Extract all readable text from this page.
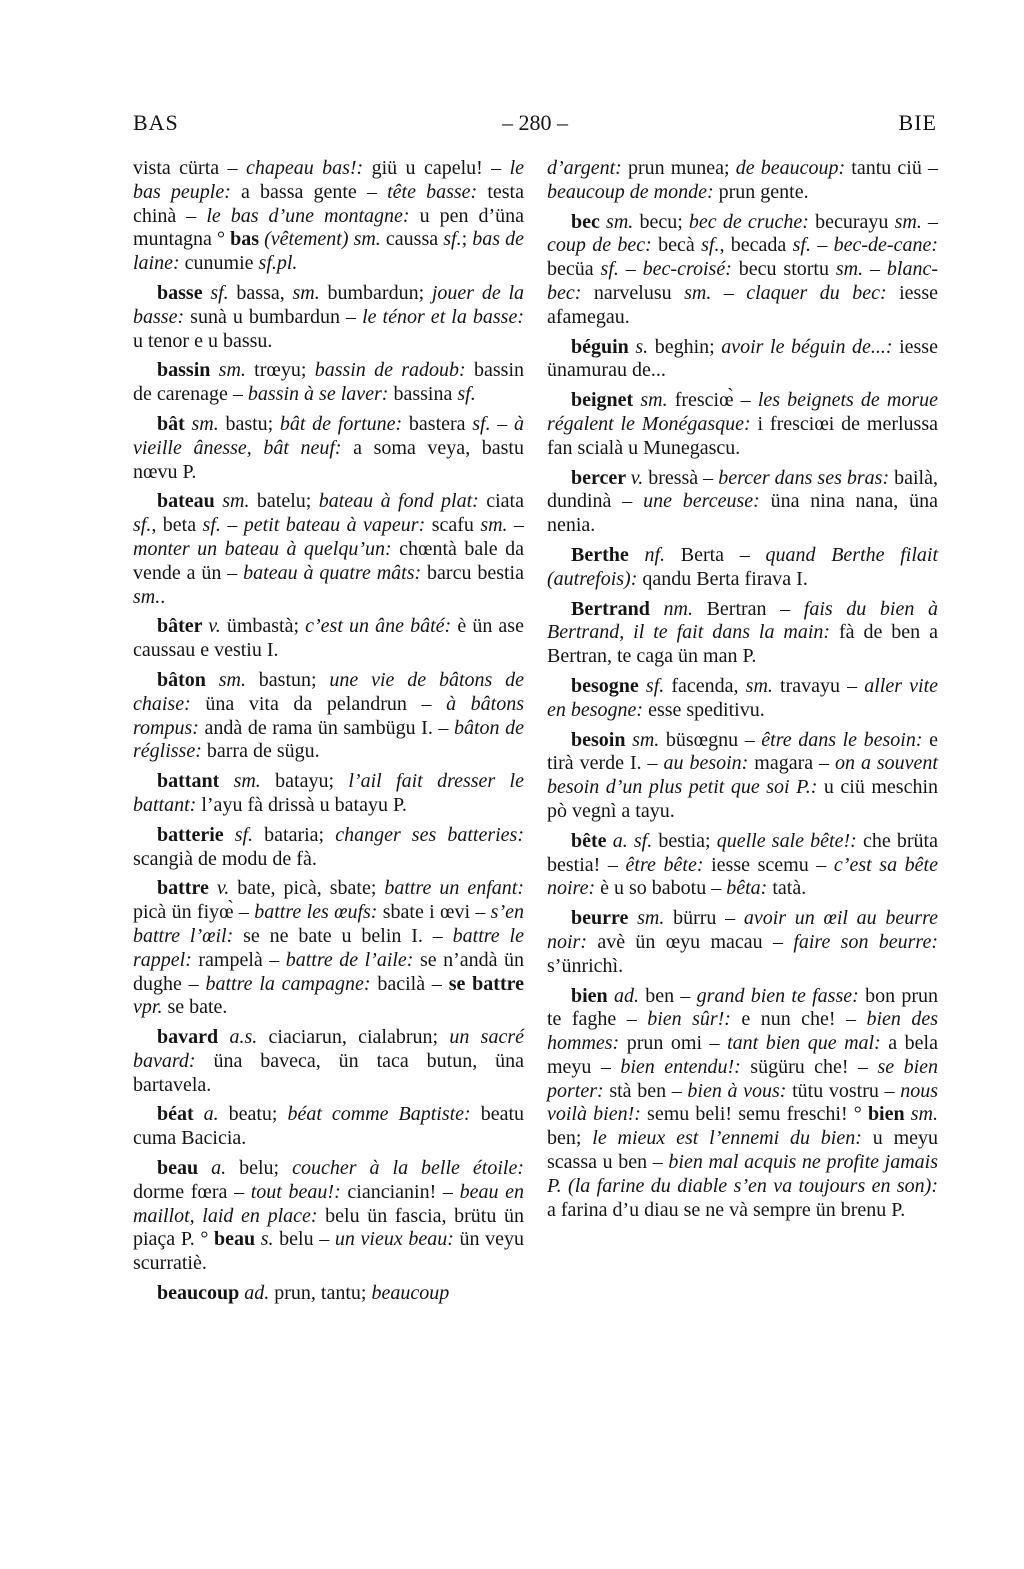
BAS	– 280 –	BIE

vista cürta – chapeau bas!: giü u capelu! – le bas peuple: a bassa gente – tête basse: testa chinà – le bas d’une montagne: u pen d’üna muntagna ° bas (vêtement) sm. caussa sf.; bas de laine: cunumie sf.pl.

basse sf. bassa, sm. bumbardun; jouer de la basse: sunà u bumbardun – le ténor et la basse: u tenor e u bassu.

bassin sm. trœyu; bassin de radoub: bassin de carenage – bassin à se laver: bassina sf.

bât sm. bastu; bât de fortune: bastera sf. – à vieille ânesse, bât neuf: a soma veya, bastu nœvu P.

bateau sm. batelu; bateau à fond plat: ciata sf., beta sf. – petit bateau à vapeur: scafu sm. – monter un bateau à quelqu’un: chœntà bale da vende a ün – bateau à quatre mâts: barcu bestia sm..

bâter v. ümbastà; c’est un âne bâté: è ün ase caussau e vestiu I.

bâton sm. bastun; une vie de bâtons de chaise: üna vita da pelandrun – à bâtons rompus: andà de rama ün sambügu I. – bâton de réglisse: barra de sügu.

battant sm. batayu; l’ail fait dresser le battant: l’ayu fà drissà u batayu P.

batterie sf. bataria; changer ses batteries: scangià de modu de fà.

battre v. bate, picà, sbate; battre un enfant: picà ün fiyœ̀ – battre les œufs: sbate i œvi – s’en battre l’œil: se ne bate u belin I. – battre le rappel: rampelà – battre de l’aile: se n’andà ün dughe – battre la campagne: bacilà – se battre vpr. se bate.

bavard a.s. ciaciarun, cialabrun; un sacré bavard: üna baveca, ün taca butun, üna bartavela.

béat a. beatu; béat comme Baptiste: beatu cuma Bacicia.

beau a. belu; coucher à la belle étoile: dorme fœra – tout beau!: ciancianin! – beau en maillot, laid en place: belu ün fascia, brütu ün piaça P. ° beau s. belu – un vieux beau: ün veyu scurratiè.

beaucoup ad. prun, tantu; beaucoup

d’argent: prun munea; de beaucoup: tantu ciü – beaucoup de monde: prun gente.

bec sm. becu; bec de cruche: becurayu sm. – coup de bec: becà sf., becada sf. – bec-de-cane: becüa sf. – bec-croisé: becu stortu sm. – blanc-bec: narvelusu sm. – claquer du bec: iesse afamegau.

béguin s. beghin; avoir le béguin de...: iesse ünamurau de...

beignet sm. fresciœ̀ – les beignets de morue régalent le Monégasque: i fresciœi de merlussa fan scialà u Munegascu.

bercer v. bressà – bercer dans ses bras: bailà, dundinà – une berceuse: üna nina nana, üna nenia.

Berthe nf. Berta – quand Berthe filait (autrefois): qandu Berta firava I.

Bertrand nm. Bertran – fais du bien à Bertrand, il te fait dans la main: fà de ben a Bertran, te caga ün man P.

besogne sf. facenda, sm. travayu – aller vite en besogne: esse speditivu.

besoin sm. büsœgnu – être dans le besoin: e tirà verde I. – au besoin: magara – on a souvent besoin d’un plus petit que soi P.: u ciü meschin pò vegnì a tayu.

bête a. sf. bestia; quelle sale bête!: che brüta bestia! – être bête: iesse scemu – c’est sa bête noire: è u so babotu – bêta: tatà.

beurre sm. bürru – avoir un œil au beurre noir: avè ün œyu macau – faire son beurre: s’ünrichì.

bien ad. ben – grand bien te fasse: bon prun te faghe – bien sûr!: e nun che! – bien des hommes: prun omi – tant bien que mal: a bela meyu – bien entendu!: sügüru che! – se bien porter: stà ben – bien à vous: tütu vostru – nous voilà bien!: semu beli! semu freschi! ° bien sm. ben; le mieux est l’ennemi du bien: u meyu scassa u ben – bien mal acquis ne profite jamais P. (la farine du diable s’en va toujours en son): a farina d’u diau se ne và sempre ün brenu P.
